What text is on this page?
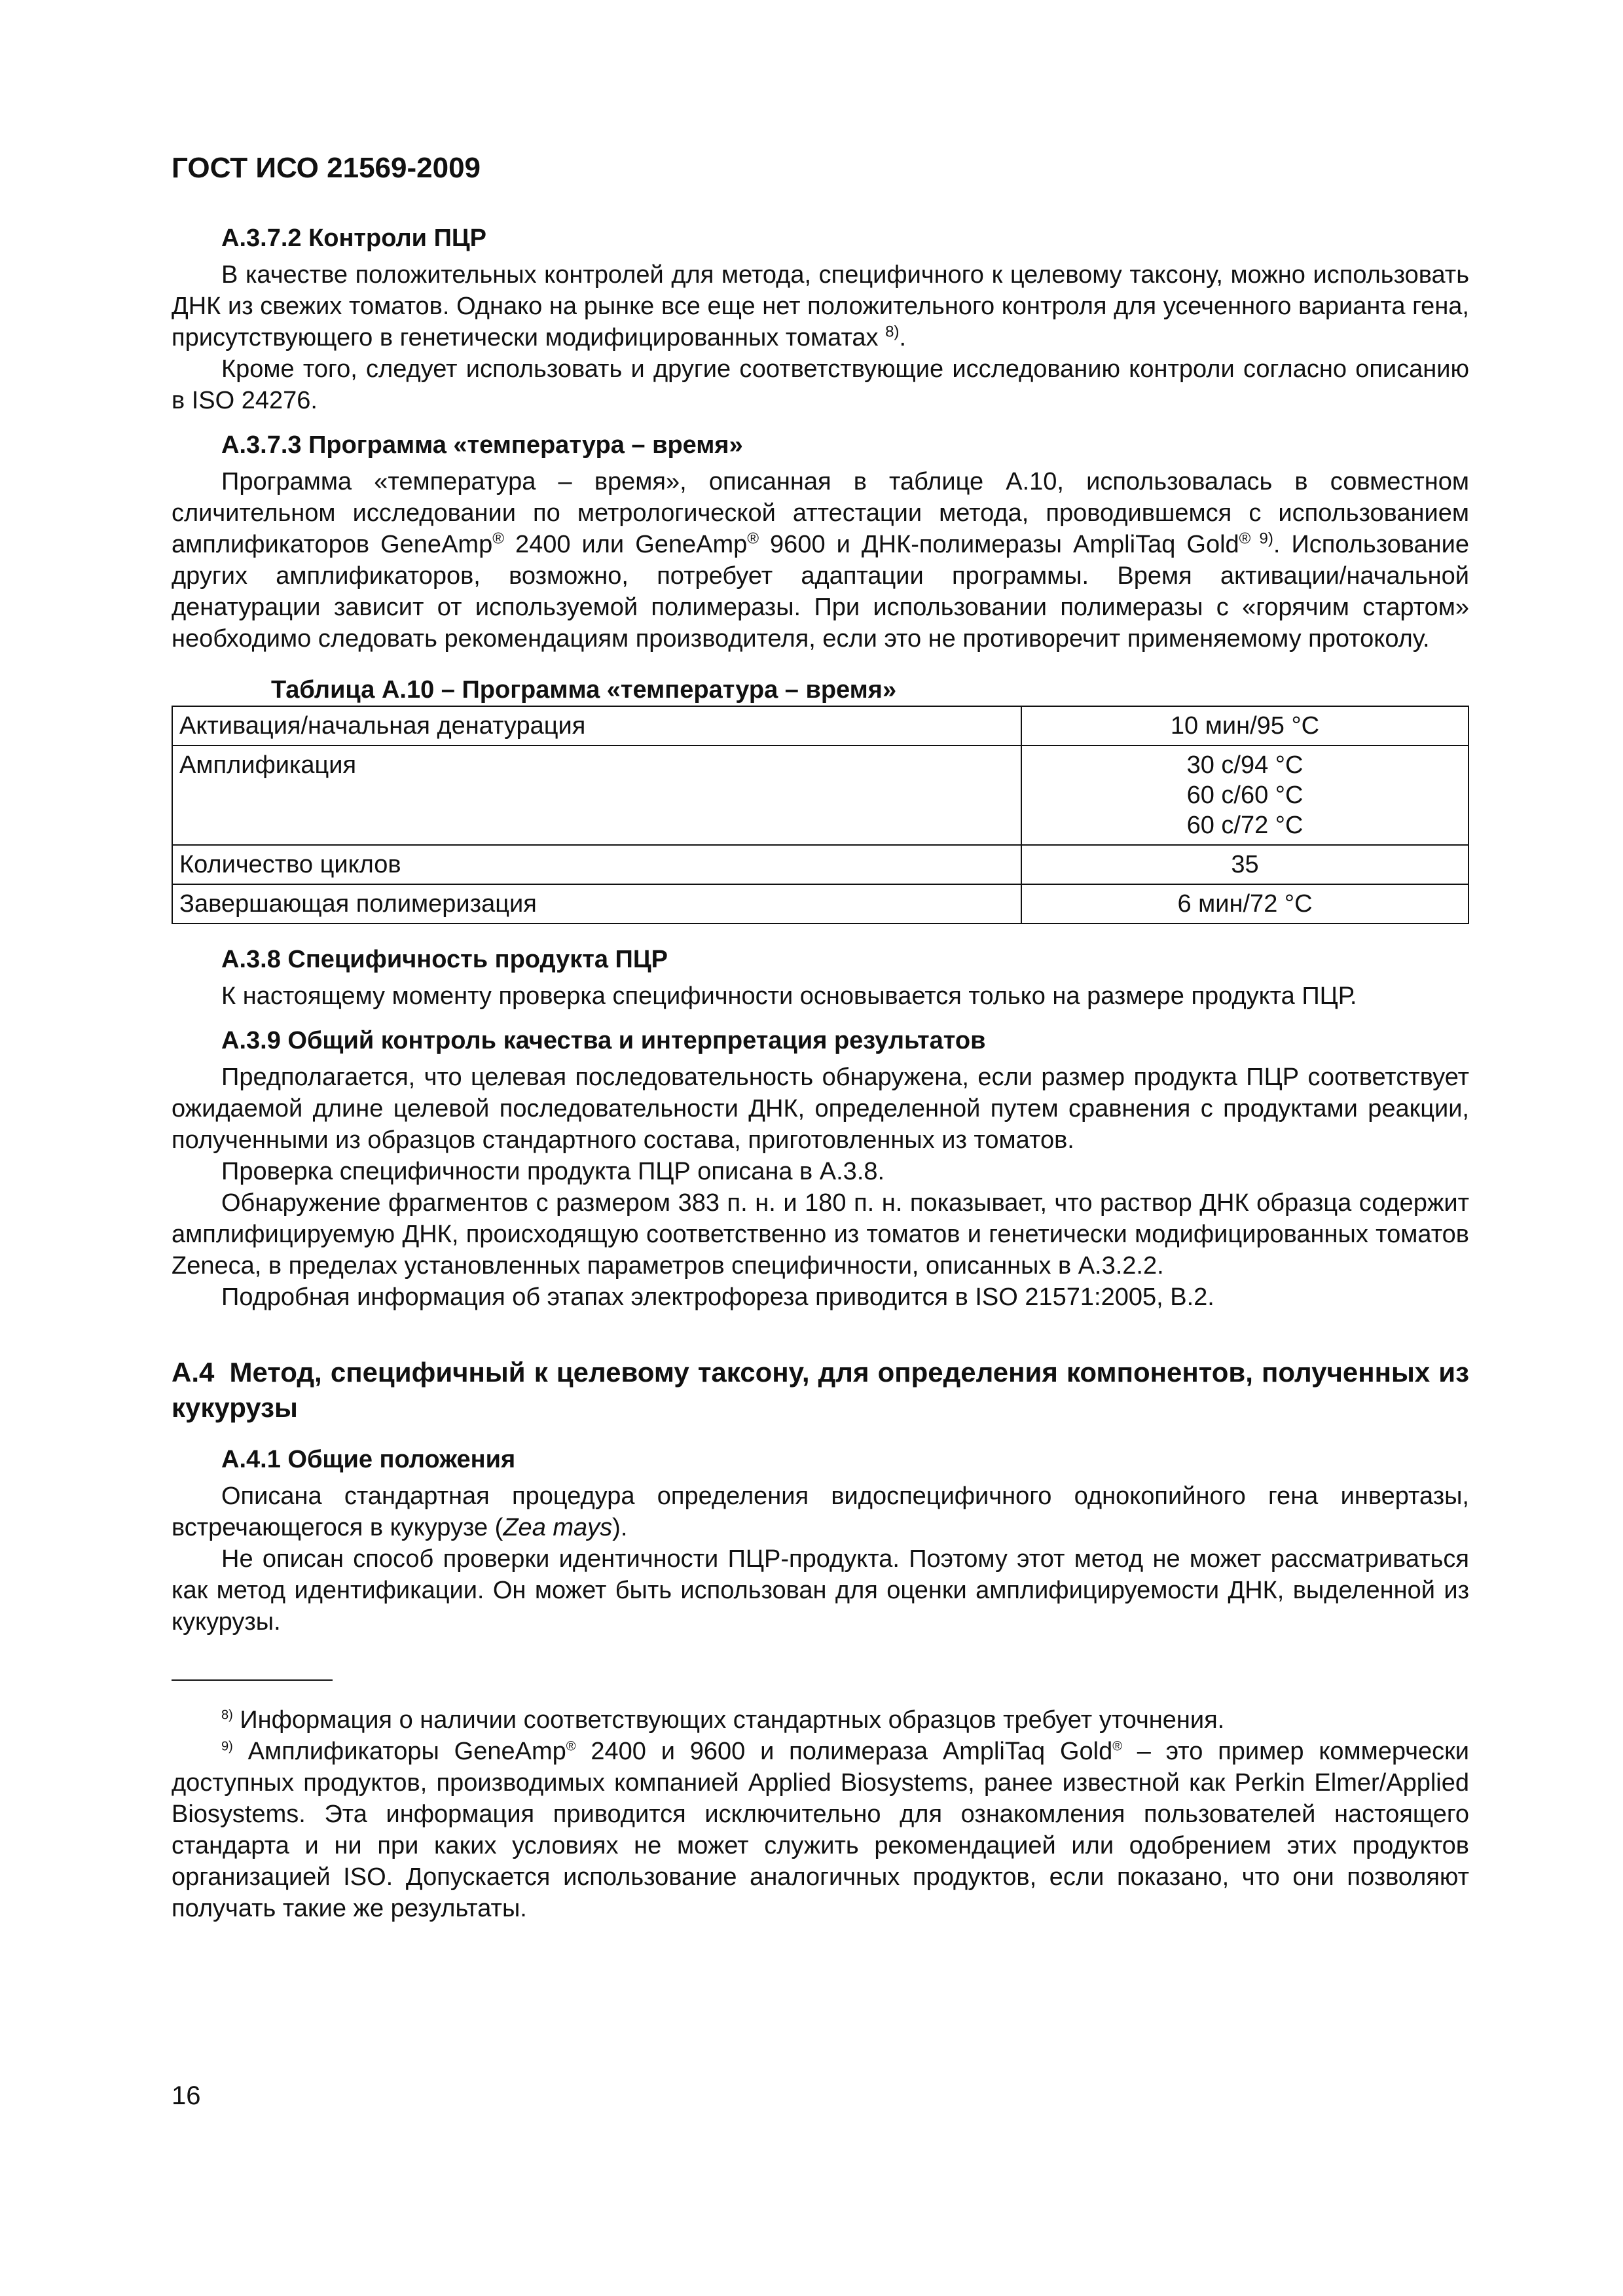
ГОСТ ИСО 21569-2009

А.3.7.2 Контроли ПЦР

В качестве положительных контролей для метода, специфичного к целевому таксону, можно использовать ДНК из свежих томатов. Однако на рынке все еще нет положительного контроля для усеченного варианта гена, присутствующего в генетически модифицированных томатах $^{8)}$.

Кроме того, следует использовать и другие соответствующие исследованию контроли согласно описанию в ISO 24276.

А.3.7.3 Программа «температура – время»

Программа «температура – время», описанная в таблице А.10, использовалась в совместном сличительном исследовании по метрологической аттестации метода, проводившемся с использованием амплификаторов GeneAmp® 2400 или GeneAmp® 9600 и ДНК-полимеразы AmpliTaq Gold® $^{9)}$. Использование других амплификаторов, возможно, потребует адаптации программы. Время активации/начальной денатурации зависит от используемой полимеразы. При использовании полимеразы с «горячим стартом» необходимо следовать рекомендациям производителя, если это не противоречит применяемому протоколу.

Таблица А.10 – Программа «температура – время»

Активация/начальная денатурация	10 мин/95 °С
Амплификация	30 с/94 °С
60 с/60 °С
60 с/72 °С

Количество циклов	35
Завершающая полимеризация	6 мин/72 °С
А.3.8 Специфичность продукта ПЦР

К настоящему моменту проверка специфичности основывается только на размере продукта ПЦР.

А.3.9 Общий контроль качества и интерпретация результатов

Предполагается, что целевая последовательность обнаружена, если размер продукта ПЦР соответствует ожидаемой длине целевой последовательности ДНК, определенной путем сравнения с продуктами реакции, полученными из образцов стандартного состава, приготовленных из томатов.

Проверка специфичности продукта ПЦР описана в А.3.8.

Обнаружение фрагментов с размером 383 п. н. и 180 п. н. показывает, что раствор ДНК образца содержит амплифицируемую ДНК, происходящую соответственно из томатов и генетически модифицированных томатов Zeneca, в пределах установленных параметров специфичности, описанных в А.3.2.2.

Подробная информация об этапах электрофореза приводится в ISO 21571:2005, В.2.

А.4 Метод, специфичный к целевому таксону, для определения компонентов, полученных из кукурузы
А.4.1 Общие положения

Описана стандартная процедура определения видоспецифичного однокопийного гена инвертазы, встречающегося в кукурузе (Zea mays).

Не описан способ проверки идентичности ПЦР-продукта. Поэтому этот метод не может рассматриваться как метод идентификации. Он может быть использован для оценки амплифицируемости ДНК, выделенной из кукурузы.

$^{8)}$ Информация о наличии соответствующих стандартных образцов требует уточнения.

$^{9)}$ Амплификаторы GeneAmp® 2400 и 9600 и полимераза AmpliTaq Gold® – это пример коммерчески доступных продуктов, производимых компанией Applied Biosystems, ранее известной как Perkin Elmer/Applied Biosystems. Эта информация приводится исключительно для ознакомления пользователей настоящего стандарта и ни при каких условиях не может служить рекомендацией или одобрением этих продуктов организацией ISO. Допускается использование аналогичных продуктов, если показано, что они позволяют получать такие же результаты.

16
